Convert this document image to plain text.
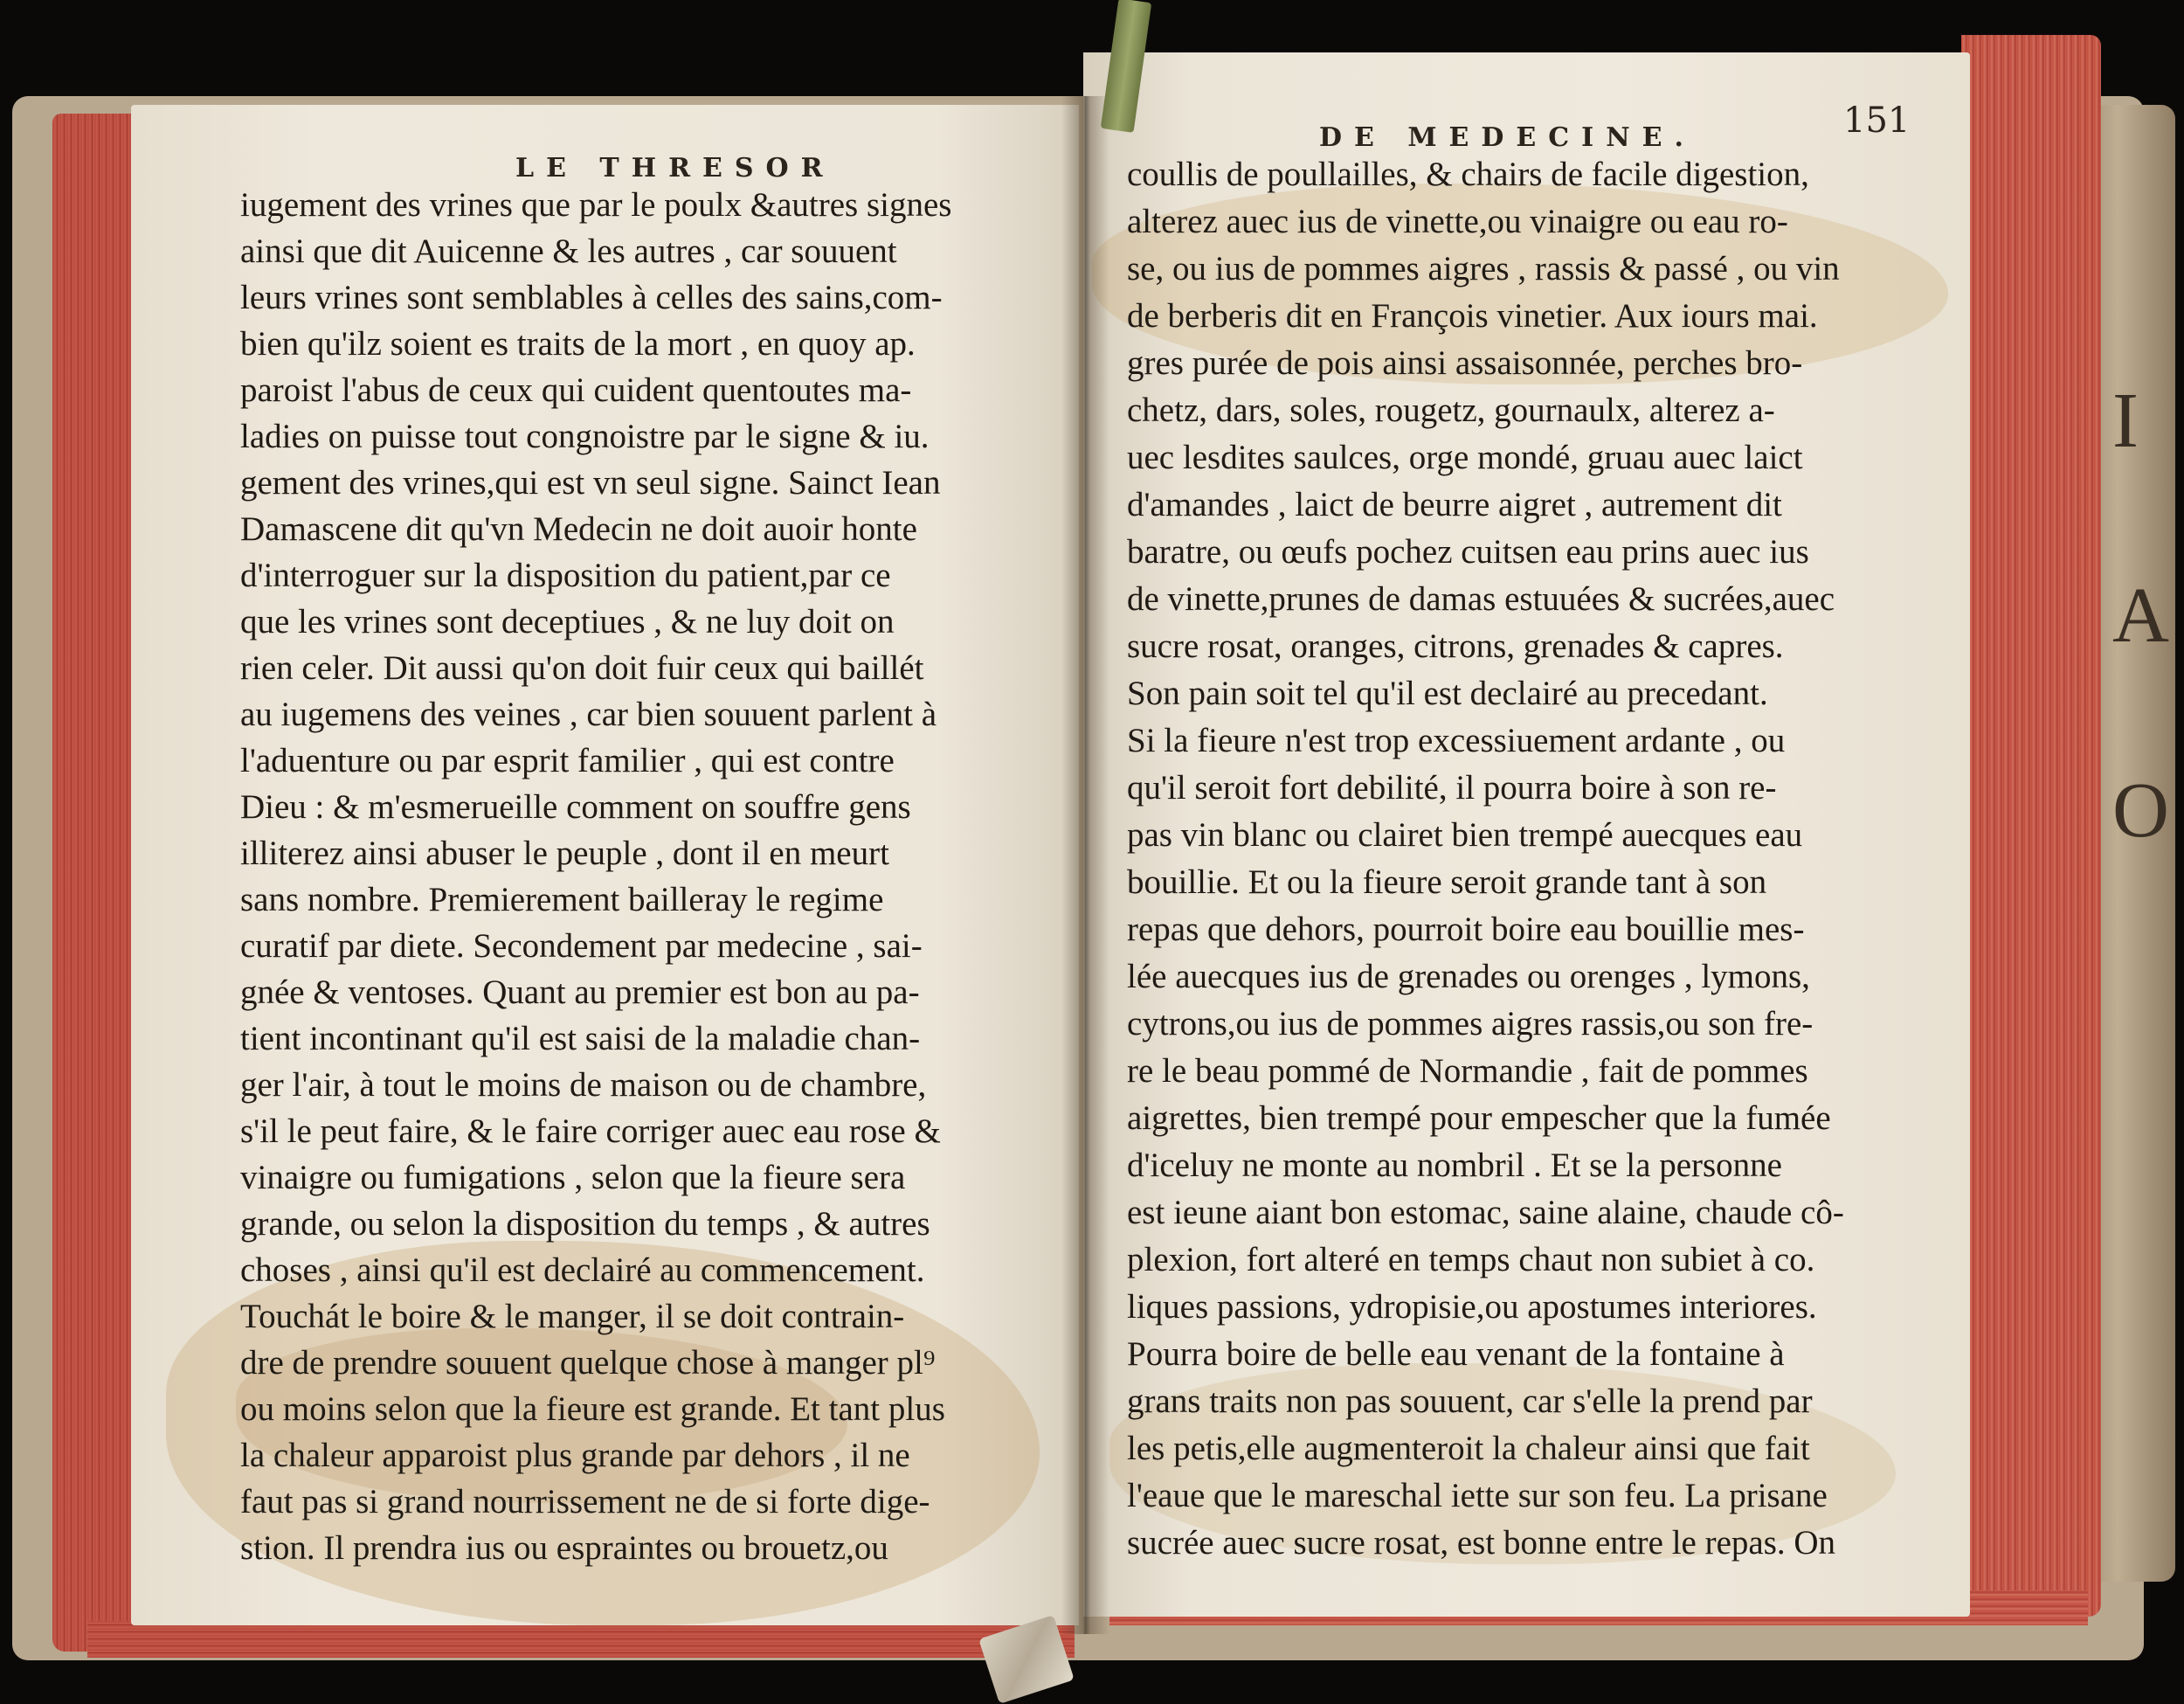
I
A
O
LE THRESOR

iugement des vrines que par le poulx &autres signes

ainsi que dit Auicenne & les autres , car souuent

leurs vrines sont semblables à celles des sains,com-

bien qu'ilz soient es traits de la mort , en quoy ap.

paroist l'abus de ceux qui cuident quentoutes ma-

ladies on puisse tout congnoistre par le signe & iu.

gement des vrines,qui est vn seul signe. Sainct Iean

Damascene dit qu'vn Medecin ne doit auoir honte

d'interroguer sur la disposition du patient,par ce

que les vrines sont deceptiues , & ne luy doit on

rien celer. Dit aussi qu'on doit fuir ceux qui baillét

au iugemens des veines , car bien souuent parlent à

l'aduenture ou par esprit familier , qui est contre

Dieu : & m'esmerueille comment on souffre gens

illiterez ainsi abuser le peuple , dont il en meurt

sans nombre. Premierement bailleray le regime

curatif par diete. Secondement par medecine , sai-

gnée & ventoses. Quant au premier est bon au pa-

tient incontinant qu'il est saisi de la maladie chan-

ger l'air, à tout le moins de maison ou de chambre,

s'il le peut faire, & le faire corriger auec eau rose &

vinaigre ou fumigations , selon que la fieure sera

grande, ou selon la disposition du temps , & autres

choses , ainsi qu'il est declairé au commencement.

Touchát le boire & le manger, il se doit contrain-

dre de prendre souuent quelque chose à manger pl⁹

ou moins selon que la fieure est grande. Et tant plus

la chaleur apparoist plus grande par dehors , il ne

faut pas si grand nourrissement ne de si forte dige-

stion. Il prendra ius ou espraintes ou brouetz,ou

DE MEDECINE.	151

coullis de poullailles, & chairs de facile digestion,

alterez auec ius de vinette,ou vinaigre ou eau ro-

se, ou ius de pommes aigres , rassis & passé , ou vin

de berberis dit en François vinetier. Aux iours mai.

gres purée de pois ainsi assaisonnée, perches bro-

chetz, dars, soles, rougetz, gournaulx, alterez a-

uec lesdites saulces, orge mondé, gruau auec laict

d'amandes , laict de beurre aigret , autrement dit

baratre, ou œufs pochez cuitsen eau prins auec ius

de vinette,prunes de damas estuuées & sucrées,auec

sucre rosat, oranges, citrons, grenades & capres.

Son pain soit tel qu'il est declairé au precedant.

Si la fieure n'est trop excessiuement ardante , ou

qu'il seroit fort debilité, il pourra boire à son re-

pas vin blanc ou clairet bien trempé auecques eau

bouillie. Et ou la fieure seroit grande tant à son

repas que dehors, pourroit boire eau bouillie mes-

lée auecques ius de grenades ou orenges , lymons,

cytrons,ou ius de pommes aigres rassis,ou son fre-

re le beau pommé de Normandie , fait de pommes

aigrettes, bien trempé pour empescher que la fumée

d'iceluy ne monte au nombril . Et se la personne

est ieune aiant bon estomac, saine alaine, chaude cô-

plexion, fort alteré en temps chaut non subiet à co.

liques passions, ydropisie,ou apostumes interiores.

Pourra boire de belle eau venant de la fontaine à

grans traits non pas souuent, car s'elle la prend par

les petis,elle augmenteroit la chaleur ainsi que fait

l'eaue que le mareschal iette sur son feu. La prisane

sucrée auec sucre rosat, est bonne entre le repas. On
